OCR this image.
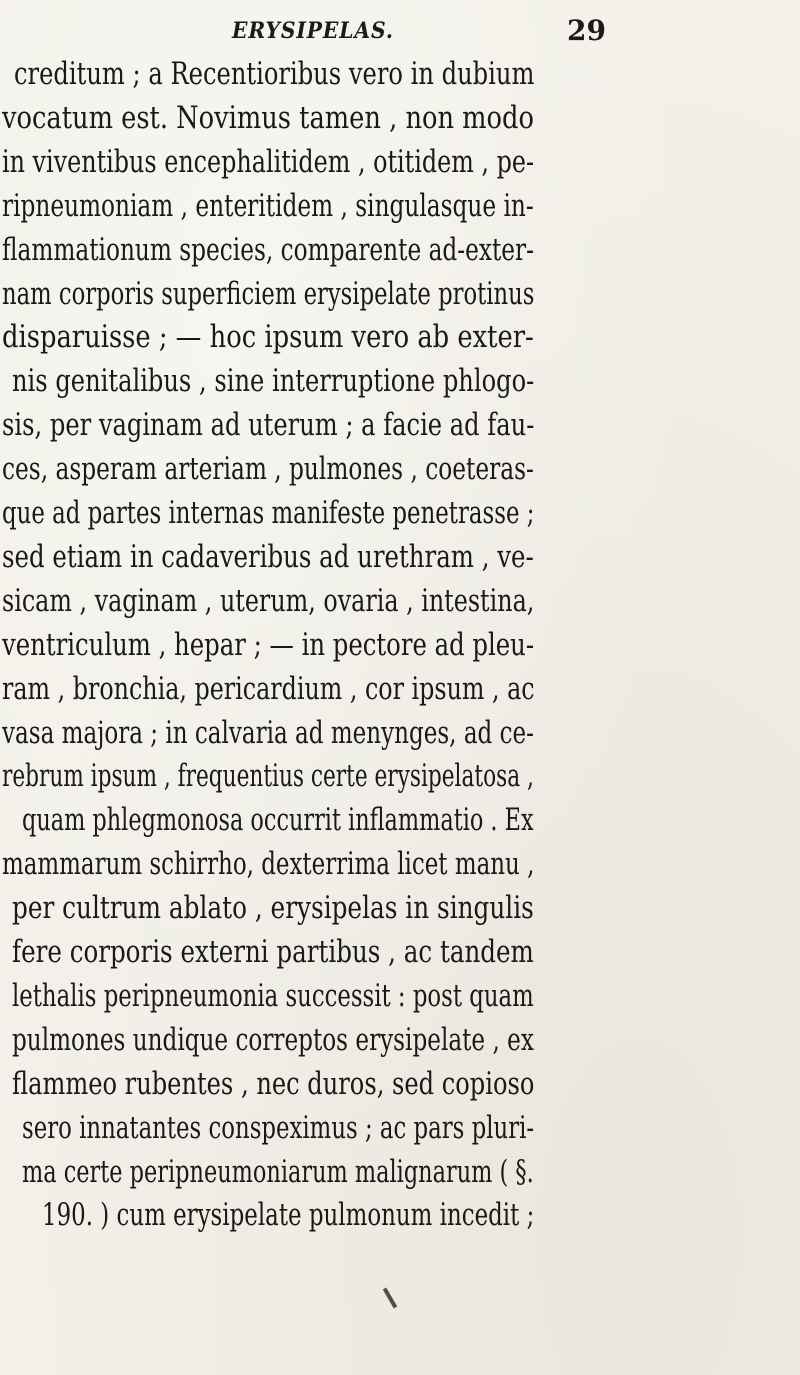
ERYSIPELAS.	29
creditum ; a Recentioribus vero in dubium
vocatum est. Novimus tamen , non modo
in viventibus encephalitidem , otitidem , pe-
ripneumoniam , enteritidem , singulasque in-
flammationum species, comparente ad-exter-
nam corporis superficiem erysipelate protinus
disparuisse ; — hoc ipsum vero ab exter-
nis genitalibus , sine interruptione phlogo-
sis, per vaginam ad uterum ; a facie ad fau-
ces, asperam arteriam , pulmones , coeteras-
que ad partes internas manifeste penetrasse ;
sed etiam in cadaveribus ad urethram , ve-
sicam , vaginam , uterum, ovaria , intestina,
ventriculum , hepar ; — in pectore ad pleu-
ram , bronchia, pericardium , cor ipsum , ac
vasa majora ; in calvaria ad menynges, ad ce-
rebrum ipsum , frequentius certe erysipelatosa ,
quam phlegmonosa occurrit inflammatio . Ex
mammarum schirrho, dexterrima licet manu ,
per cultrum ablato , erysipelas in singulis
fere corporis externi partibus , ac tandem
lethalis peripneumonia successit : post quam
pulmones undique correptos erysipelate , ex
flammeo rubentes , nec duros, sed copioso
sero innatantes conspeximus ; ac pars pluri-
ma certe peripneumoniarum malignarum ( §.
190. ) cum erysipelate pulmonum incedit ;
